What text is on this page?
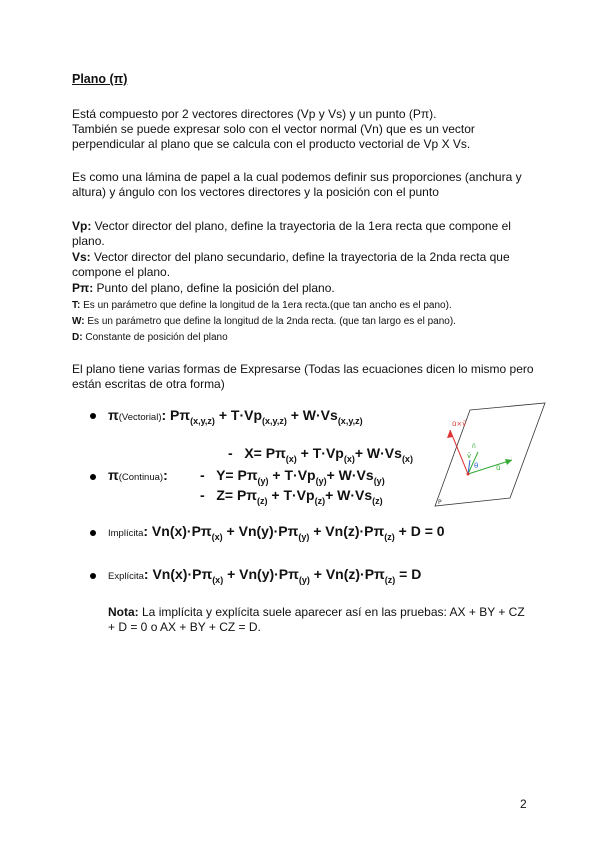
Plano (π)
Está compuesto por 2 vectores directores (Vp y Vs) y un punto (Pπ).
También se puede expresar solo con el vector normal (Vn) que es un vector perpendicular al plano que se calcula con el producto vectorial de Vp X Vs.
Es como una lámina de papel a la cual podemos definir sus proporciones (anchura y altura) y ángulo con los vectores directores y la posición con el punto
Vp: Vector director del plano, define la trayectoria de la 1era recta que compone el plano.
Vs: Vector director del plano secundario, define la trayectoria de la 2nda recta que compone el plano.
Pπ: Punto del plano, define la posición del plano.
T: Es un parámetro que define la longitud de la 1era recta.(que tan ancho es el pano).
W: Es un parámetro que define la longitud de la 2nda recta. (que tan largo es el pano).
D: Constante de posición del plano
El plano tiene varias formas de Expresarse (Todas las ecuaciones dicen lo mismo pero están escritas de otra forma)
π(Vectorial): $P\pi_{(x,y,z)} + T\cdot Vp_{(x,y,z)} + W\cdot Vs_{(x,y,z)}$
π(Continua):
-   $X= P\pi_{(x)} + T\cdot Vp_{(x)}+ W\cdot Vs_{(x)}$
-   $Y= P\pi_{(y)} + T\cdot Vp_{(y)}+ W\cdot Vs_{(y)}$
-   $Z= P\pi_{(z)} + T\cdot Vp_{(z)}+ W\cdot Vs_{(z)}$
ū×v̄
v̄
θ	ū
n̄
P
Implícita: $Vn(x)\cdot P\pi_{(x)} + Vn(y)\cdot P\pi_{(y)} + Vn(z)\cdot P\pi_{(z)} + D = 0$
Explícita: $Vn(x)\cdot P\pi_{(x)} + Vn(y)\cdot P\pi_{(y)} + Vn(z)\cdot P\pi_{(z)} = D$
Nota: La implícita y explícita suele aparecer así en las pruebas: AX + BY + CZ + D = 0 o AX + BY + CZ = D.
2
